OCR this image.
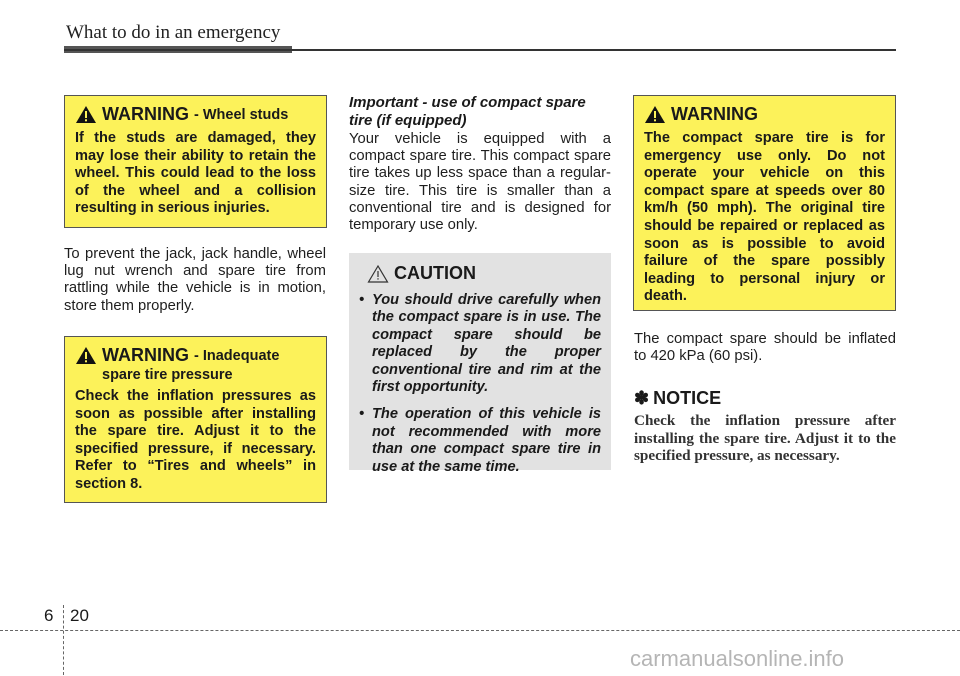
What to do in an emergency
WARNING - Wheel studs
If the studs are damaged, they may lose their ability to retain the wheel. This could lead to the loss of the wheel and a collision resulting in serious injuries.
To prevent the jack, jack handle, wheel lug nut wrench and spare tire from rattling while the vehicle is in motion, store them properly.
WARNING - Inadequate
spare tire pressure
Check the inflation pressures as soon as possible after installing the spare tire. Adjust it to the specified pressure, if necessary. Refer to “Tires and wheels” in section 8.
Important - use of compact spare tire (if equipped)
Your vehicle is equipped with a compact spare tire. This compact spare tire takes up less space than a regular-size tire. This tire is smaller than a conventional tire and is designed for temporary use only.
CAUTION
• You should drive carefully when the compact spare is in use. The compact spare should be replaced by the proper conventional tire and rim at the first opportunity.
• The operation of this vehicle is not recommended with more than one compact spare tire in use at the same time.
WARNING
The compact spare tire is for emergency use only. Do not operate your vehicle on this compact spare at speeds over 80 km/h (50 mph). The original tire should be repaired or replaced as soon as is possible to avoid failure of the spare possibly leading to personal injury or death.
The compact spare should be inflated to 420 kPa (60 psi).
✽ NOTICE
Check the inflation pressure after installing the spare tire. Adjust it to the specified pressure, as necessary.
6 20
carmanualsonline.info
